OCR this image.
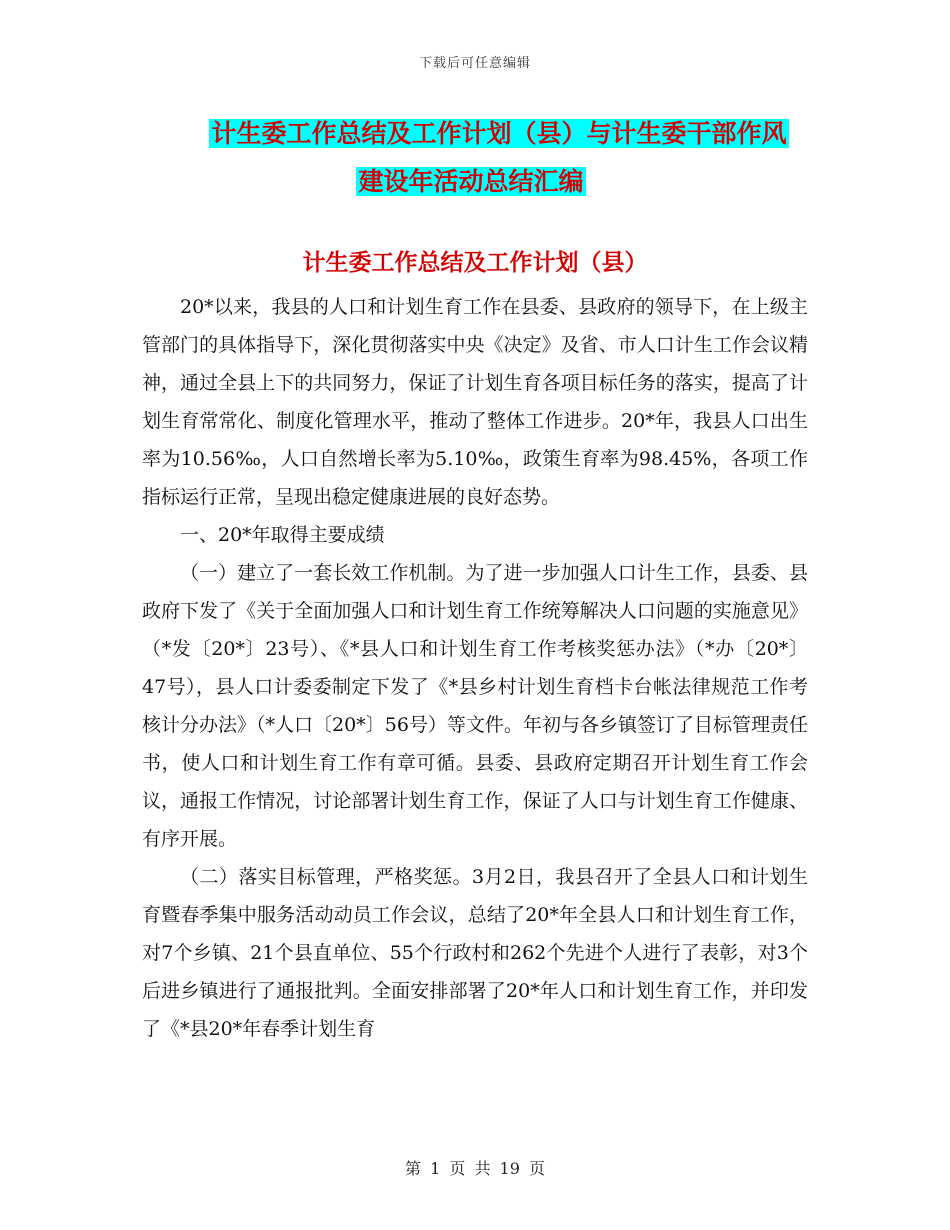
下载后可任意编辑
计生委工作总结及工作计划（县）与计生委干部作风
建设年活动总结汇编
计生委工作总结及工作计划（县）

20*以来，我县的人口和计划生育工作在县委、县政府的领导下，在上级主管部门的具体指导下，深化贯彻落实中央《决定》及省、市人口计生工作会议精神，通过全县上下的共同努力，保证了计划生育各项目标任务的落实，提高了计划生育常常化、制度化管理水平，推动了整体工作进步。20*年，我县人口出生率为10.56‰，人口自然增长率为5.10‰，政策生育率为98.45%，各项工作指标运行正常，呈现出稳定健康进展的良好态势。

一、20*年取得主要成绩

（一）建立了一套长效工作机制。为了进一步加强人口计生工作，县委、县政府下发了《关于全面加强人口和计划生育工作统筹解决人口问题的实施意见》（*发〔20*〕23号）、《*县人口和计划生育工作考核奖惩办法》（*办〔20*〕47号），县人口计委委制定下发了《*县乡村计划生育档卡台帐法律规范工作考核计分办法》（*人口〔20*〕56号）等文件。年初与各乡镇签订了目标管理责任书，使人口和计划生育工作有章可循。县委、县政府定期召开计划生育工作会议，通报工作情况，讨论部署计划生育工作，保证了人口与计划生育工作健康、有序开展。

（二）落实目标管理，严格奖惩。3月2日，我县召开了全县人口和计划生育暨春季集中服务活动动员工作会议，总结了20*年全县人口和计划生育工作，对7个乡镇、21个县直单位、55个行政村和262个先进个人进行了表彰，对3个后进乡镇进行了通报批判。全面安排部署了20*年人口和计划生育工作，并印发了《*县20*年春季计划生育

第 1 页 共 19 页
